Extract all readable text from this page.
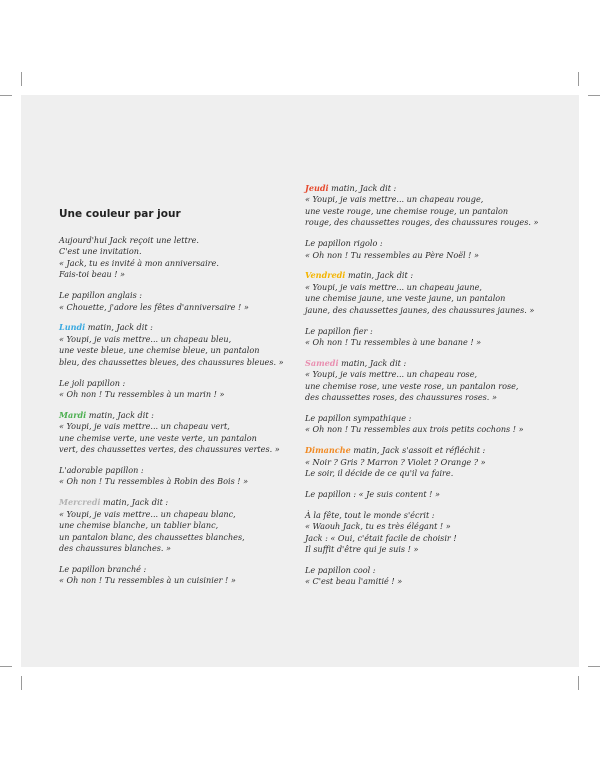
Une couleur par jour

Aujourd'hui Jack reçoit une lettre.

C'est une invitation.

« Jack, tu es invité à mon anniversaire.

Fais-toi beau ! »

Le papillon anglais :

« Chouette, j'adore les fêtes d'anniversaire ! »

Lundi matin, Jack dit :

« Youpi, je vais mettre... un chapeau bleu,

une veste bleue, une chemise bleue, un pantalon

bleu, des chaussettes bleues, des chaussures bleues. »

Le joli papillon :

« Oh non ! Tu ressembles à un marin ! »

Mardi matin, Jack dit :

« Youpi, je vais mettre... un chapeau vert,

une chemise verte, une veste verte, un pantalon

vert, des chaussettes vertes, des chaussures vertes. »

L'adorable papillon :

« Oh non ! Tu ressembles à Robin des Bois ! »

Mercredi matin, Jack dit :

« Youpi, je vais mettre... un chapeau blanc,

une chemise blanche, un tablier blanc,

un pantalon blanc, des chaussettes blanches,

des chaussures blanches. »

Le papillon branché :

« Oh non ! Tu ressembles à un cuisinier ! »

Jeudi matin, Jack dit :

« Youpi, je vais mettre... un chapeau rouge,

une veste rouge, une chemise rouge, un pantalon

rouge, des chaussettes rouges, des chaussures rouges. »

Le papillon rigolo :

« Oh non ! Tu ressembles au Père Noël ! »

Vendredi matin, Jack dit :

« Youpi, je vais mettre... un chapeau jaune,

une chemise jaune, une veste jaune, un pantalon

jaune, des chaussettes jaunes, des chaussures jaunes. »

Le papillon fier :

« Oh non ! Tu ressembles à une banane ! »

Samedi matin, Jack dit :

« Youpi, je vais mettre... un chapeau rose,

une chemise rose, une veste rose, un pantalon rose,

des chaussettes roses, des chaussures roses. »

Le papillon sympathique :

« Oh non ! Tu ressembles aux trois petits cochons ! »

Dimanche matin, Jack s'assoit et réfléchit :

« Noir ? Gris ? Marron ? Violet ? Orange ? »

Le soir, il décide de ce qu'il va faire.

Le papillon : « Je suis content ! »

À la fête, tout le monde s'écrit :

« Waouh Jack, tu es très élégant ! »

Jack : « Oui, c'était facile de choisir !

Il suffit d'être qui je suis ! »

Le papillon cool :

« C'est beau l'amitié ! »
